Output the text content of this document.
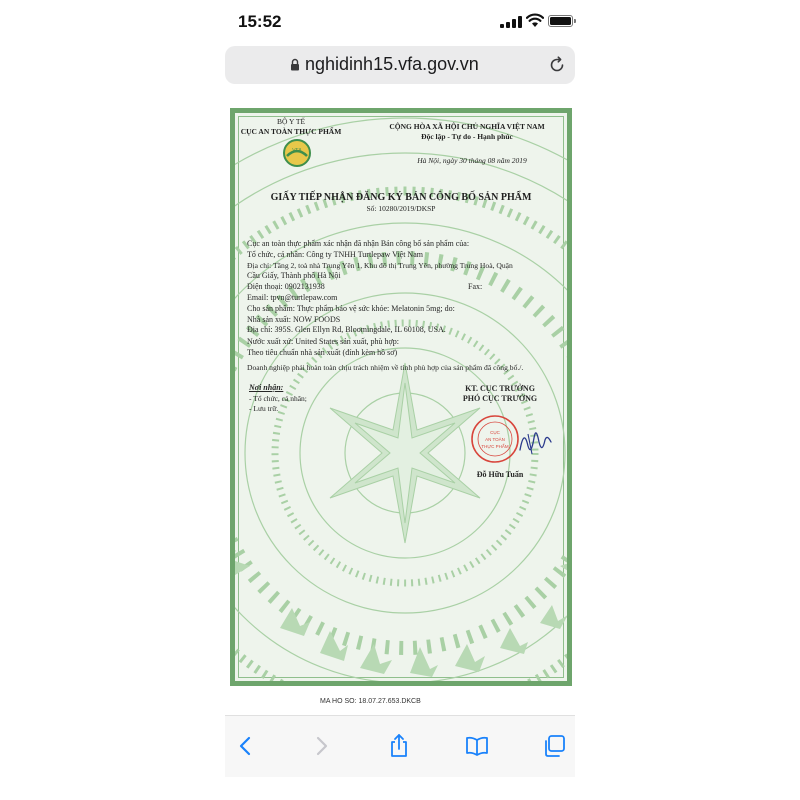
15:52
nghidinh15.vfa.gov.vn
BỘ Y TẾ
CỤC AN TOÀN THỰC PHẨM
VFA
CỘNG HÒA XÃ HỘI CHỦ NGHĨA VIỆT NAM
Độc lập - Tự do - Hạnh phúc
Hà Nội, ngày 30 tháng 08 năm 2019
GIẤY TIẾP NHẬN ĐĂNG KÝ BẢN CÔNG BỐ SẢN PHẨM
Số: 10280/2019/DKSP
Cục an toàn thực phẩm xác nhận đã nhận Bản công bố sản phẩm của:
Tổ chức, cá nhân: Công ty TNHH Turtlepaw Việt Nam
Địa chỉ: Tầng 2, toà nhà Trung Yên 1, Khu đô thị Trung Yên, phường Trung Hoà, Quận
Cầu Giấy, Thành phố Hà Nội
Điện thoại: 0902131938	Fax:
Email: tpvn@turtlepaw.com
Cho sản phẩm: Thực phẩm bảo vệ sức khỏe: Melatonin 5mg; do:
Nhà sản xuất: NOW FOODS
Địa chỉ: 395S. Glen Ellyn Rd, Bloomingdale, IL 60108, USA.
Nước xuất xứ: United States sản xuất, phù hợp:
Theo tiêu chuẩn nhà sản xuất (đính kèm hồ sơ)
Doanh nghiệp phải hoàn toàn chịu trách nhiệm về tính phù hợp của sản phẩm đã công bố./.
Nơi nhận:
- Tổ chức, cá nhân;
- Lưu trữ.
KT. CỤC TRƯỞNG
PHÓ CỤC TRƯỞNG
CỤC
AN TOÀN
THỰC PHẨM
Đỗ Hữu Tuấn
MA HO SO: 18.07.27.653.DKCB
